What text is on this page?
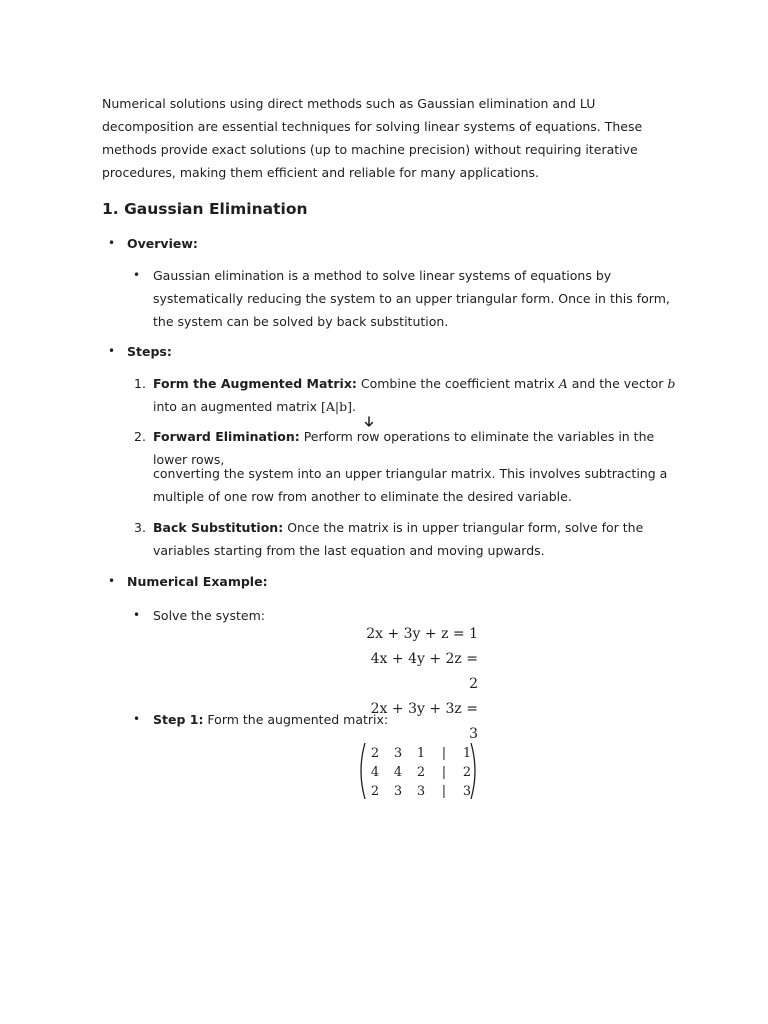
Numerical solutions using direct methods such as Gaussian elimination and LU decomposition are essential techniques for solving linear systems of equations. These methods provide exact solutions (up to machine precision) without requiring iterative procedures, making them efficient and reliable for many applications.

1. Gaussian Elimination
• Overview:
• Gaussian elimination is a method to solve linear systems of equations by systematically reducing the system to an upper triangular form. Once in this form, the system can be solved by back substitution.
• Steps:
1. Form the Augmented Matrix: Combine the coefficient matrix A and the vector b into an augmented matrix [A|b].
2. Forward Elimination: Perform row operations to eliminate the variables in the lower rows,
converting the system into an upper triangular matrix. This involves subtracting a multiple of one row from another to eliminate the desired variable.
3. Back Substitution: Once the matrix is in upper triangular form, solve for the variables starting from the last equation and moving upwards.
• Numerical Example:
• Solve the system:
2x + 3y + z = 1
4x + 4y + 2z = 2
2x + 3y + 3z = 3
• Step 1: Form the augmented matrix:
2 3 1 | 1
4 4 2 | 2
2 3 3 | 3
